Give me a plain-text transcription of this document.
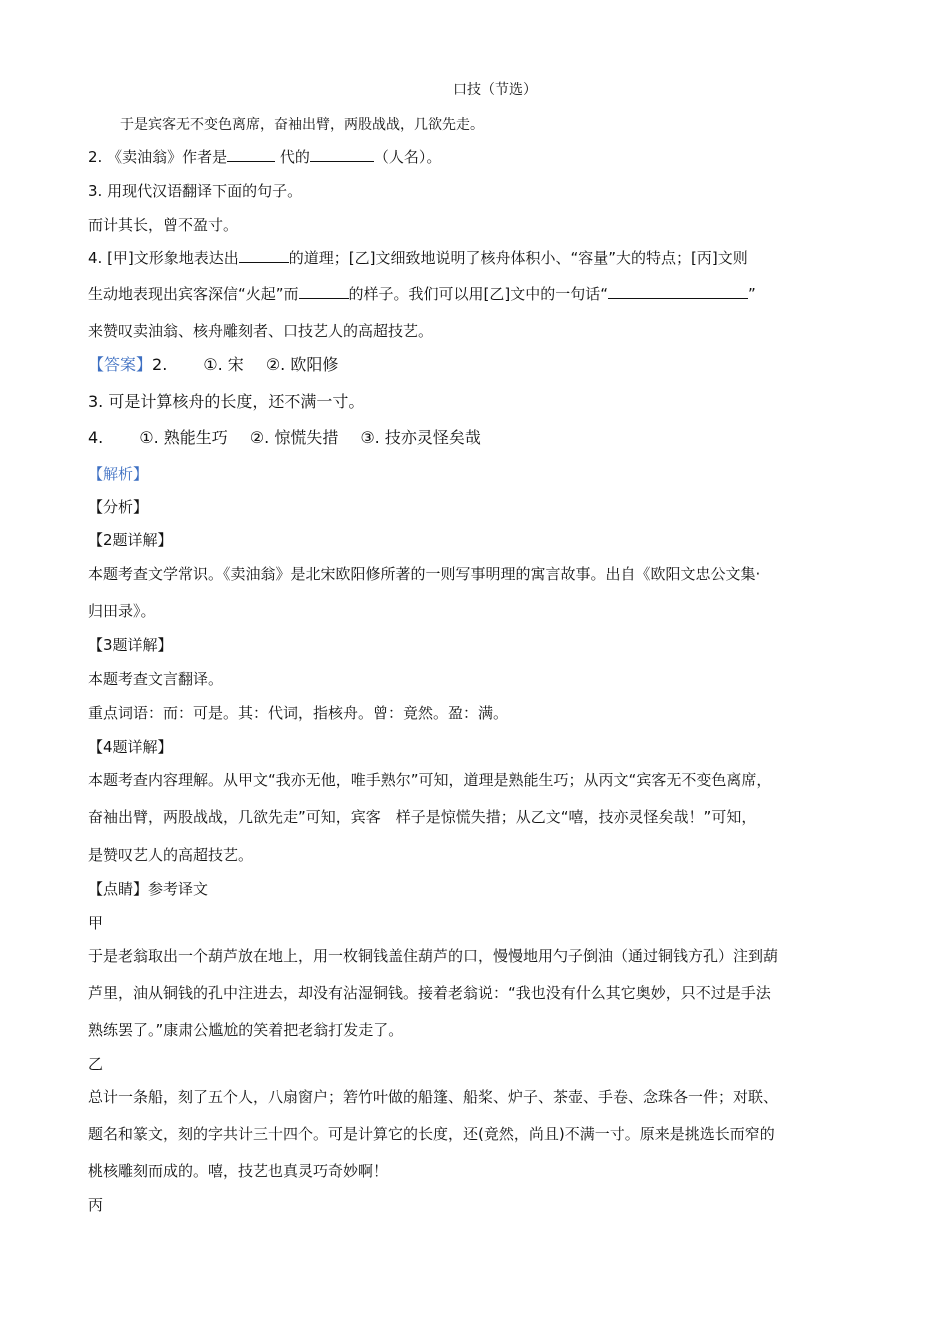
口技（节选）
于是宾客无不变色离席，奋袖出臂，两股战战，几欲先走。
2. 《卖油翁》作者是	代的	（人名）。
3. 用现代汉语翻译下面的句子。
而计其长，曾不盈寸。
4. [甲]文形象地表达出	的道理；[乙]文细致地说明了核舟体积小、“容量”大的特点；[丙]文则
生动地表现出宾客深信“火起”而	的样子。我们可以用[乙]文中的一句话“	”
来赞叹卖油翁、核舟雕刻者、口技艺人的高超技艺。
【答案】2. ①. 宋 ②. 欧阳修
3. 可是计算核舟的长度，还不满一寸。
4. ①. 熟能生巧 ②. 惊慌失措 ③. 技亦灵怪矣哉
【解析】
【分析】
【2题详解】
本题考查文学常识。《卖油翁》是北宋欧阳修所著的一则写事明理的寓言故事。出自《欧阳文忠公文集·
归田录》。
【3题详解】
本题考查文言翻译。
重点词语：而：可是。其：代词，指核舟。曾：竟然。盈：满。
【4题详解】
本题考查内容理解。从甲文“我亦无他，唯手熟尔”可知，道理是熟能生巧；从丙文“宾客无不变色离席，
奋袖出臂，两股战战，几欲先走”可知，宾客　样子是惊慌失措；从乙文“嘻，技亦灵怪矣哉！”可知，
是赞叹艺人的高超技艺。
【点睛】参考译文
甲
于是老翁取出一个葫芦放在地上，用一枚铜钱盖住葫芦的口，慢慢地用勺子倒油（通过铜钱方孔）注到葫
芦里，油从铜钱的孔中注进去，却没有沾湿铜钱。接着老翁说：“我也没有什么其它奥妙，只不过是手法
熟练罢了。”康肃公尴尬的笑着把老翁打发走了。
乙
总计一条船，刻了五个人，八扇窗户；箬竹叶做的船篷、船桨、炉子、茶壶、手卷、念珠各一件；对联、
题名和篆文，刻的字共计三十四个。可是计算它的长度，还(竟然，尚且)不满一寸。原来是挑选长而窄的
桃核雕刻而成的。嘻，技艺也真灵巧奇妙啊！
丙
